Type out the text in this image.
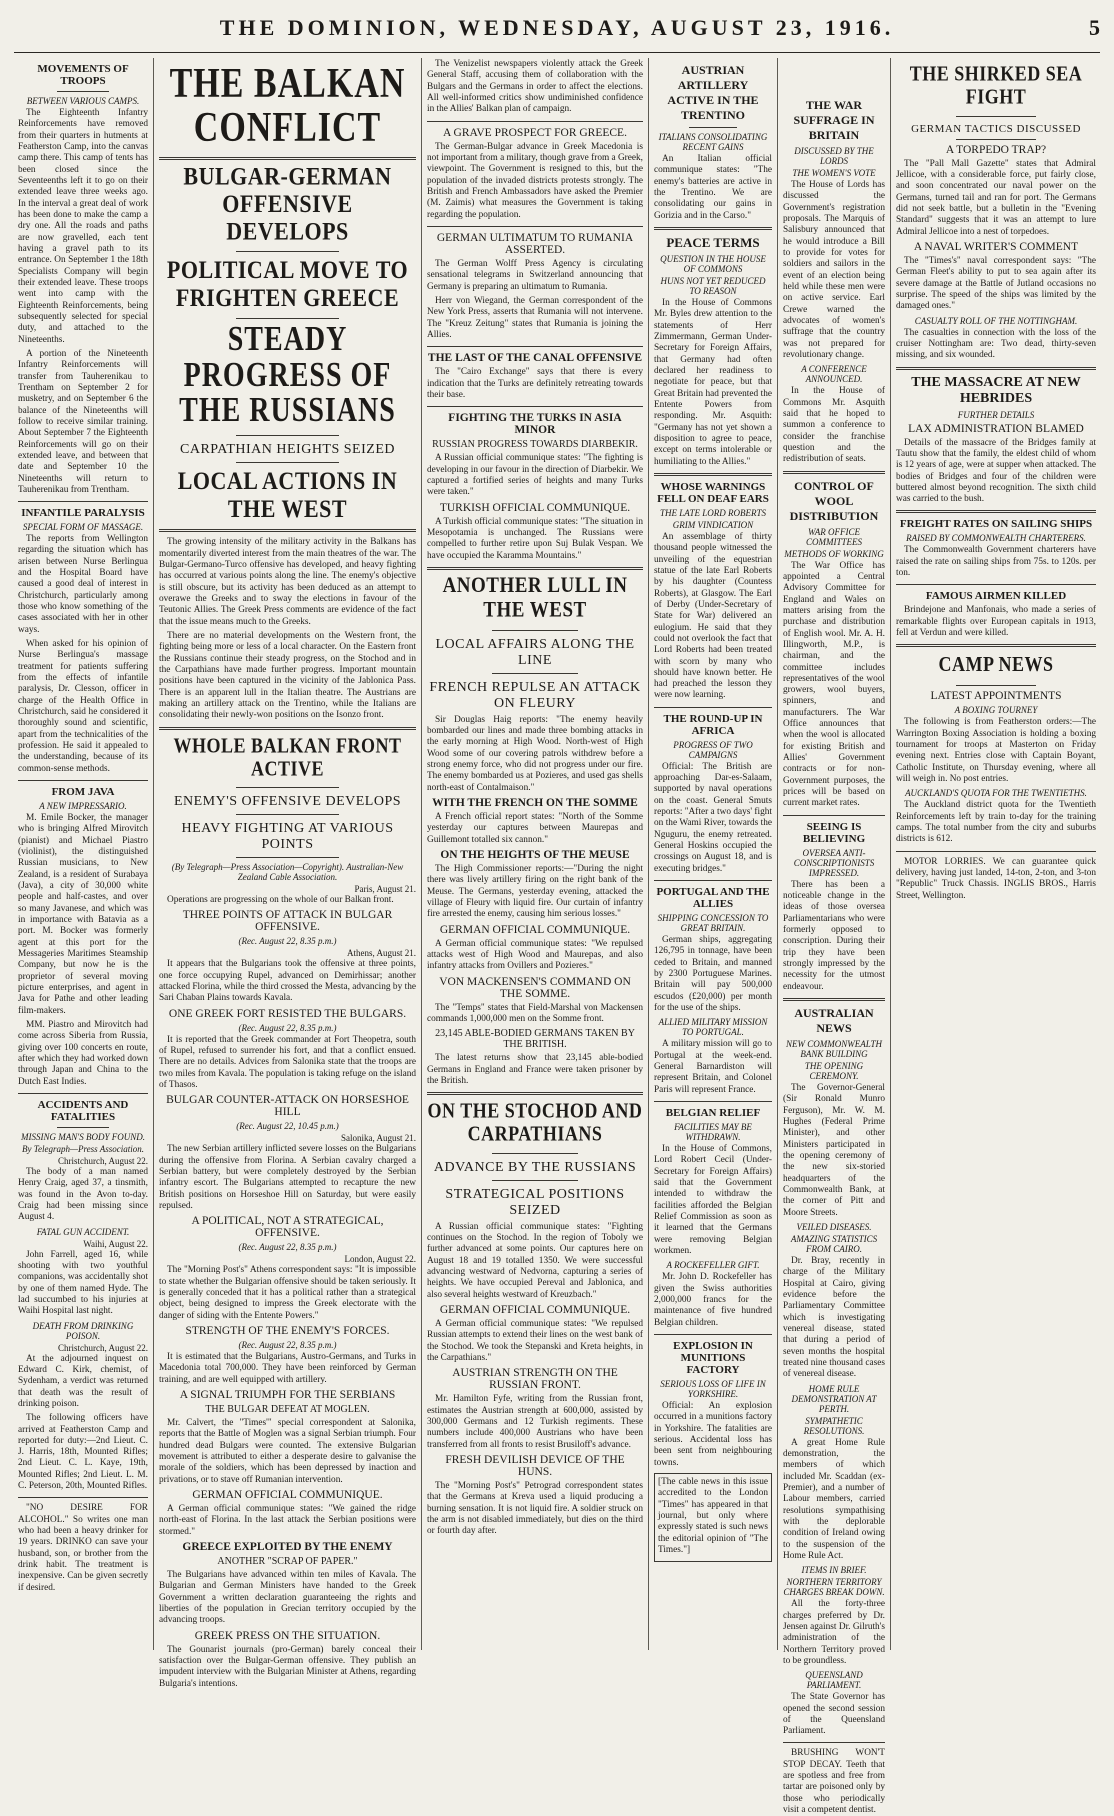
THE DOMINION, WEDNESDAY, AUGUST 23, 1916.	5
MOVEMENTS OF TROOPS
BETWEEN VARIOUS CAMPS.

The Eighteenth Infantry Reinforcements have removed from their quarters in hutments at Featherston Camp, into the canvas camp there. This camp of tents has been closed since the Seventeenths left it to go on their extended leave three weeks ago. In the interval a great deal of work has been done to make the camp a dry one. All the roads and paths are now gravelled, each tent having a gravel path to its entrance. On September 1 the 18th Specialists Company will begin their extended leave. These troops went into camp with the Eighteenth Reinforcements, being subsequently selected for special duty, and attached to the Nineteenths.

A portion of the Nineteenth Infantry Reinforcements will transfer from Tauherenikau to Trentham on September 2 for musketry, and on September 6 the balance of the Nineteenths will follow to receive similar training. About September 7 the Eighteenth Reinforcements will go on their extended leave, and between that date and September 10 the Nineteenths will return to Tauherenikau from Trentham.

INFANTILE PARALYSIS
SPECIAL FORM OF MASSAGE.

The reports from Wellington regarding the situation which has arisen between Nurse Berlingua and the Hospital Board have caused a good deal of interest in Christchurch, particularly among those who know something of the cases associated with her in other ways.

When asked for his opinion of Nurse Berlingua's massage treatment for patients suffering from the effects of infantile paralysis, Dr. Clesson, officer in charge of the Health Office in Christchurch, said he considered it thoroughly sound and scientific, apart from the technicalities of the profession. He said it appealed to the understanding, because of its common-sense methods.

FROM JAVA
A NEW IMPRESSARIO.

M. Emile Bocker, the manager who is bringing Alfred Mirovitch (pianist) and Michael Piastro (violinist), the distinguished Russian musicians, to New Zealand, is a resident of Surabaya (Java), a city of 30,000 white people and half-castes, and over so many Javanese, and which was in importance with Batavia as a port. M. Bocker was formerly agent at this port for the Messageries Maritimes Steamship Company, but now he is the proprietor of several moving picture enterprises, and agent in Java for Pathe and other leading film-makers.

MM. Piastro and Mirovitch had come across Siberia from Russia, giving over 100 concerts en route, after which they had worked down through Japan and China to the Dutch East Indies.

ACCIDENTS AND FATALITIES
MISSING MAN'S BODY FOUND.
By Telegraph—Press Association.
Christchurch, August 22.

The body of a man named Henry Craig, aged 37, a tinsmith, was found in the Avon to-day. Craig had been missing since August 4.

FATAL GUN ACCIDENT.
Waihi, August 22.

John Farrell, aged 16, while shooting with two youthful companions, was accidentally shot by one of them named Hyde. The lad succumbed to his injuries at Waihi Hospital last night.

DEATH FROM DRINKING POISON.
Christchurch, August 22.

At the adjourned inquest on Edward C. Kirk, chemist, of Sydenham, a verdict was returned that death was the result of drinking poison.

The following officers have arrived at Featherston Camp and reported for duty:—2nd Lieut. C. J. Harris, 18th, Mounted Rifles; 2nd Lieut. C. L. Kaye, 19th, Mounted Rifles; 2nd Lieut. L. M. C. Peterson, 20th, Mounted Rifles.

"NO DESIRE FOR ALCOHOL." So writes one man who had been a heavy drinker for 19 years. DRINKO can save your husband, son, or brother from the drink habit. The treatment is inexpensive. Can be given secretly if desired.

THE BALKAN CONFLICT
BULGAR-GERMAN OFFENSIVE DEVELOPS
POLITICAL MOVE TO FRIGHTEN GREECE
STEADY PROGRESS OF THE RUSSIANS
CARPATHIAN HEIGHTS SEIZED
LOCAL ACTIONS IN THE WEST

The growing intensity of the military activity in the Balkans has momentarily diverted interest from the main theatres of the war. The Bulgar-Germano-Turco offensive has developed, and heavy fighting has occurred at various points along the line. The enemy's objective is still obscure, but its activity has been deduced as an attempt to overawe the Greeks and to sway the elections in favour of the Teutonic Allies. The Greek Press comments are evidence of the fact that the issue means much to the Greeks.

There are no material developments on the Western front, the fighting being more or less of a local character. On the Eastern front the Russians continue their steady progress, on the Stochod and in the Carpathians have made further progress. Important mountain positions have been captured in the vicinity of the Jablonica Pass. There is an apparent lull in the Italian theatre. The Austrians are making an artillery attack on the Trentino, while the Italians are consolidating their newly-won positions on the Isonzo front.

WHOLE BALKAN FRONT ACTIVE
ENEMY'S OFFENSIVE DEVELOPS
HEAVY FIGHTING AT VARIOUS POINTS
(By Telegraph—Press Association—Copyright). Australian-New Zealand Cable Association.
Paris, August 21.

Operations are progressing on the whole of our Balkan front.

THREE POINTS OF ATTACK IN BULGAR OFFENSIVE.
(Rec. August 22, 8.35 p.m.)
Athens, August 21.

It appears that the Bulgarians took the offensive at three points, one force occupying Rupel, advanced on Demirhissar; another attacked Florina, while the third crossed the Mesta, advancing by the Sari Chaban Plains towards Kavala.

ONE GREEK FORT RESISTED THE BULGARS.
(Rec. August 22, 8.35 p.m.)

It is reported that the Greek commander at Fort Theopetra, south of Rupel, refused to surrender his fort, and that a conflict ensued. There are no details. Advices from Salonika state that the troops are two miles from Kavala. The population is taking refuge on the island of Thasos.

BULGAR COUNTER-ATTACK ON HORSESHOE HILL
(Rec. August 22, 10.45 p.m.)
Salonika, August 21.

The new Serbian artillery inflicted severe losses on the Bulgarians during the offensive from Florina. A Serbian cavalry charged a Serbian battery, but were completely destroyed by the Serbian infantry escort. The Bulgarians attempted to recapture the new British positions on Horseshoe Hill on Saturday, but were easily repulsed.

A POLITICAL, NOT A STRATEGICAL, OFFENSIVE.
(Rec. August 22, 8.35 p.m.)
London, August 22.

The "Morning Post's" Athens correspondent says: "It is impossible to state whether the Bulgarian offensive should be taken seriously. It is generally conceded that it has a political rather than a strategical object, being designed to impress the Greek electorate with the danger of siding with the Entente Powers."

STRENGTH OF THE ENEMY'S FORCES.
(Rec. August 22, 8.35 p.m.)

It is estimated that the Bulgarians, Austro-Germans, and Turks in Macedonia total 700,000. They have been reinforced by German training, and are well equipped with artillery.

A SIGNAL TRIUMPH FOR THE SERBIANS
THE BULGAR DEFEAT AT MOGLEN.

Mr. Calvert, the "Times'" special correspondent at Salonika, reports that the Battle of Moglen was a signal Serbian triumph. Four hundred dead Bulgars were counted. The extensive Bulgarian movement is attributed to either a desperate desire to galvanise the morale of the soldiers, which has been depressed by inaction and privations, or to stave off Rumanian intervention.

GERMAN OFFICIAL COMMUNIQUE.

A German official communique states: "We gained the ridge north-east of Florina. In the last attack the Serbian positions were stormed."

GREECE EXPLOITED BY THE ENEMY
ANOTHER "SCRAP OF PAPER."

The Bulgarians have advanced within ten miles of Kavala. The Bulgarian and German Ministers have handed to the Greek Government a written declaration guaranteeing the rights and liberties of the population in Grecian territory occupied by the advancing troops.

GREEK PRESS ON THE SITUATION.

The Gounarist journals (pro-German) barely conceal their satisfaction over the Bulgar-German offensive. They publish an impudent interview with the Bulgarian Minister at Athens, regarding Bulgaria's intentions.

The Venizelist newspapers violently attack the Greek General Staff, accusing them of collaboration with the Bulgars and the Germans in order to affect the elections. All well-informed critics show undiminished confidence in the Allies' Balkan plan of campaign.

A GRAVE PROSPECT FOR GREECE.

The German-Bulgar advance in Greek Macedonia is not important from a military, though grave from a Greek, viewpoint. The Government is resigned to this, but the population of the invaded districts protests strongly. The British and French Ambassadors have asked the Premier (M. Zaimis) what measures the Government is taking regarding the population.

GERMAN ULTIMATUM TO RUMANIA ASSERTED.

The German Wolff Press Agency is circulating sensational telegrams in Switzerland announcing that Germany is preparing an ultimatum to Rumania.

Herr von Wiegand, the German correspondent of the New York Press, asserts that Rumania will not intervene. The "Kreuz Zeitung" states that Rumania is joining the Allies.

THE LAST OF THE CANAL OFFENSIVE

The "Cairo Exchange" says that there is every indication that the Turks are definitely retreating towards their base.

FIGHTING THE TURKS IN ASIA MINOR
RUSSIAN PROGRESS TOWARDS DIARBEKIR.

A Russian official communique states: "The fighting is developing in our favour in the direction of Diarbekir. We captured a fortified series of heights and many Turks were taken."

TURKISH OFFICIAL COMMUNIQUE.

A Turkish official communique states: "The situation in Mesopotamia is unchanged. The Russians were compelled to further retire upon Suj Bulak Vespan. We have occupied the Karamma Mountains."

ANOTHER LULL IN THE WEST
LOCAL AFFAIRS ALONG THE LINE
FRENCH REPULSE AN ATTACK ON FLEURY

Sir Douglas Haig reports: "The enemy heavily bombarded our lines and made three bombing attacks in the early morning at High Wood. North-west of High Wood some of our covering patrols withdrew before a strong enemy force, who did not progress under our fire. The enemy bombarded us at Pozieres, and used gas shells north-east of Contalmaison."

WITH THE FRENCH ON THE SOMME

A French official report states: "North of the Somme yesterday our captures between Maurepas and Guillemont totalled six cannon."

ON THE HEIGHTS OF THE MEUSE

The High Commissioner reports:—"During the night there was lively artillery firing on the right bank of the Meuse. The Germans, yesterday evening, attacked the village of Fleury with liquid fire. Our curtain of infantry fire arrested the enemy, causing him serious losses."

GERMAN OFFICIAL COMMUNIQUE.

A German official communique states: "We repulsed attacks west of High Wood and Maurepas, and also infantry attacks from Ovillers and Pozieres."

VON MACKENSEN'S COMMAND ON THE SOMME.

The "Temps" states that Field-Marshal von Mackensen commands 1,000,000 men on the Somme front.

23,145 ABLE-BODIED GERMANS TAKEN BY THE BRITISH.

The latest returns show that 23,145 able-bodied Germans in England and France were taken prisoner by the British.

ON THE STOCHOD AND CARPATHIANS
ADVANCE BY THE RUSSIANS
STRATEGICAL POSITIONS SEIZED

A Russian official communique states: "Fighting continues on the Stochod. In the region of Toboly we further advanced at some points. Our captures here on August 18 and 19 totalled 1350. We were successful advancing westward of Nedvorna, capturing a series of heights. We have occupied Pereval and Jablonica, and also several heights westward of Kreuzbach."

GERMAN OFFICIAL COMMUNIQUE.

A German official communique states: "We repulsed Russian attempts to extend their lines on the west bank of the Stochod. We took the Stepanski and Kreta heights, in the Carpathians."

AUSTRIAN STRENGTH ON THE RUSSIAN FRONT.

Mr. Hamilton Fyfe, writing from the Russian front, estimates the Austrian strength at 600,000, assisted by 300,000 Germans and 12 Turkish regiments. These numbers include 400,000 Austrians who have been transferred from all fronts to resist Brusiloff's advance.

FRESH DEVILISH DEVICE OF THE HUNS.

The "Morning Post's" Petrograd correspondent states that the Germans at Kreva used a liquid producing a burning sensation. It is not liquid fire. A soldier struck on the arm is not disabled immediately, but dies on the third or fourth day after.

AUSTRIAN ARTILLERY ACTIVE IN THE TRENTINO
ITALIANS CONSOLIDATING RECENT GAINS

An Italian official communique states: "The enemy's batteries are active in the Trentino. We are consolidating our gains in Gorizia and in the Carso."

PEACE TERMS
QUESTION IN THE HOUSE OF COMMONS
HUNS NOT YET REDUCED TO REASON

In the House of Commons Mr. Byles drew attention to the statements of Herr Zimmermann, German Under-Secretary for Foreign Affairs, that Germany had often declared her readiness to negotiate for peace, but that Great Britain had prevented the Entente Powers from responding. Mr. Asquith: "Germany has not yet shown a disposition to agree to peace, except on terms intolerable or humiliating to the Allies."

WHOSE WARNINGS FELL ON DEAF EARS
THE LATE LORD ROBERTS
GRIM VINDICATION

An assemblage of thirty thousand people witnessed the unveiling of the equestrian statue of the late Earl Roberts by his daughter (Countess Roberts), at Glasgow. The Earl of Derby (Under-Secretary of State for War) delivered an eulogium. He said that they could not overlook the fact that Lord Roberts had been treated with scorn by many who should have known better. He had preached the lesson they were now learning.

THE ROUND-UP IN AFRICA
PROGRESS OF TWO CAMPAIGNS

Official: The British are approaching Dar-es-Salaam, supported by naval operations on the coast. General Smuts reports: "After a two days' fight on the Wami River, towards the Nguguru, the enemy retreated. General Hoskins occupied the crossings on August 18, and is executing bridges."

PORTUGAL AND THE ALLIES
SHIPPING CONCESSION TO GREAT BRITAIN.

German ships, aggregating 126,795 in tonnage, have been ceded to Britain, and manned by 2300 Portuguese Marines. Britain will pay 500,000 escudos (£20,000) per month for the use of the ships.

ALLIED MILITARY MISSION TO PORTUGAL.

A military mission will go to Portugal at the week-end. General Barnardiston will represent Britain, and Colonel Paris will represent France.

BELGIAN RELIEF
FACILITIES MAY BE WITHDRAWN.

In the House of Commons, Lord Robert Cecil (Under-Secretary for Foreign Affairs) said that the Government intended to withdraw the facilities afforded the Belgian Relief Commission as soon as it learned that the Germans were removing Belgian workmen.

A ROCKEFELLER GIFT.

Mr. John D. Rockefeller has given the Swiss authorities 2,000,000 francs for the maintenance of five hundred Belgian children.

EXPLOSION IN MUNITIONS FACTORY
SERIOUS LOSS OF LIFE IN YORKSHIRE.

Official: An explosion occurred in a munitions factory in Yorkshire. The fatalities are serious. Accidental loss has been sent from neighbouring towns.

[The cable news in this issue accredited to the London "Times" has appeared in that journal, but only where expressly stated is such news the editorial opinion of "The Times."]

THE WAR SUFFRAGE IN BRITAIN
DISCUSSED BY THE LORDS
THE WOMEN'S VOTE

The House of Lords has discussed the Government's registration proposals. The Marquis of Salisbury announced that he would introduce a Bill to provide for votes for soldiers and sailors in the event of an election being held while these men were on active service. Earl Crewe warned the advocates of women's suffrage that the country was not prepared for revolutionary change.

A CONFERENCE ANNOUNCED.

In the House of Commons Mr. Asquith said that he hoped to summon a conference to consider the franchise question and the redistribution of seats.

CONTROL OF WOOL DISTRIBUTION
WAR OFFICE COMMITTEES
METHODS OF WORKING

The War Office has appointed a Central Advisory Committee for England and Wales on matters arising from the purchase and distribution of English wool. Mr. A. H. Illingworth, M.P., is chairman, and the committee includes representatives of the wool growers, wool buyers, spinners, and manufacturers. The War Office announces that when the wool is allocated for existing British and Allies' Government contracts or for non-Government purposes, the prices will be based on current market rates.

SEEING IS BELIEVING
OVERSEA ANTI-CONSCRIPTIONISTS IMPRESSED.

There has been a noticeable change in the ideas of those oversea Parliamentarians who were formerly opposed to conscription. During their trip they have been strongly impressed by the necessity for the utmost endeavour.

AUSTRALIAN NEWS
NEW COMMONWEALTH BANK BUILDING
THE OPENING CEREMONY.

The Governor-General (Sir Ronald Munro Ferguson), Mr. W. M. Hughes (Federal Prime Minister), and other Ministers participated in the opening ceremony of the new six-storied headquarters of the Commonwealth Bank, at the corner of Pitt and Moore Streets.

VEILED DISEASES.
AMAZING STATISTICS FROM CAIRO.

Dr. Bray, recently in charge of the Military Hospital at Cairo, giving evidence before the Parliamentary Committee which is investigating venereal disease, stated that during a period of seven months the hospital treated nine thousand cases of venereal disease.

HOME RULE DEMONSTRATION AT PERTH.
SYMPATHETIC RESOLUTIONS.

A great Home Rule demonstration, the members of which included Mr. Scaddan (ex-Premier), and a number of Labour members, carried resolutions sympathising with the deplorable condition of Ireland owing to the suspension of the Home Rule Act.

ITEMS IN BRIEF.
NORTHERN TERRITORY CHARGES BREAK DOWN.

All the forty-three charges preferred by Dr. Jensen against Dr. Gilruth's administration of the Northern Territory proved to be groundless.

QUEENSLAND PARLIAMENT.

The State Governor has opened the second session of the Queensland Parliament.

BRUSHING WON'T STOP DECAY. Teeth that are spotless and free from tartar are poisoned only by those who periodically visit a competent dentist.

THE SHIRKED SEA FIGHT
GERMAN TACTICS DISCUSSED
A TORPEDO TRAP?

The "Pall Mall Gazette" states that Admiral Jellicoe, with a considerable force, put fairly close, and soon concentrated our naval power on the Germans, turned tail and ran for port. The Germans did not seek battle, but a bulletin in the "Evening Standard" suggests that it was an attempt to lure Admiral Jellicoe into a nest of torpedoes.

A NAVAL WRITER'S COMMENT

The "Times's" naval correspondent says: "The German Fleet's ability to put to sea again after its severe damage at the Battle of Jutland occasions no surprise. The speed of the ships was limited by the damaged ones."

CASUALTY ROLL OF THE NOTTINGHAM.

The casualties in connection with the loss of the cruiser Nottingham are: Two dead, thirty-seven missing, and six wounded.

THE MASSACRE AT NEW HEBRIDES
FURTHER DETAILS
LAX ADMINISTRATION BLAMED

Details of the massacre of the Bridges family at Tautu show that the family, the eldest child of whom is 12 years of age, were at supper when attacked. The bodies of Bridges and four of the children were buttered almost beyond recognition. The sixth child was carried to the bush.

FREIGHT RATES ON SAILING SHIPS
RAISED BY COMMONWEALTH CHARTERERS.

The Commonwealth Government charterers have raised the rate on sailing ships from 75s. to 120s. per ton.

FAMOUS AIRMEN KILLED

Brindejone and Manfonais, who made a series of remarkable flights over European capitals in 1913, fell at Verdun and were killed.

CAMP NEWS
LATEST APPOINTMENTS
A BOXING TOURNEY

The following is from Featherston orders:—The Warrington Boxing Association is holding a boxing tournament for troops at Masterton on Friday evening next. Entries close with Captain Boyant, Catholic Institute, on Thursday evening, where all will weigh in. No post entries.

AUCKLAND'S QUOTA FOR THE TWENTIETHS.

The Auckland district quota for the Twentieth Reinforcements left by train to-day for the training camps. The total number from the city and suburbs districts is 612.

MOTOR LORRIES. We can guarantee quick delivery, having just landed, 14-ton, 2-ton, and 3-ton "Republic" Truck Chassis. INGLIS BROS., Harris Street, Wellington.
